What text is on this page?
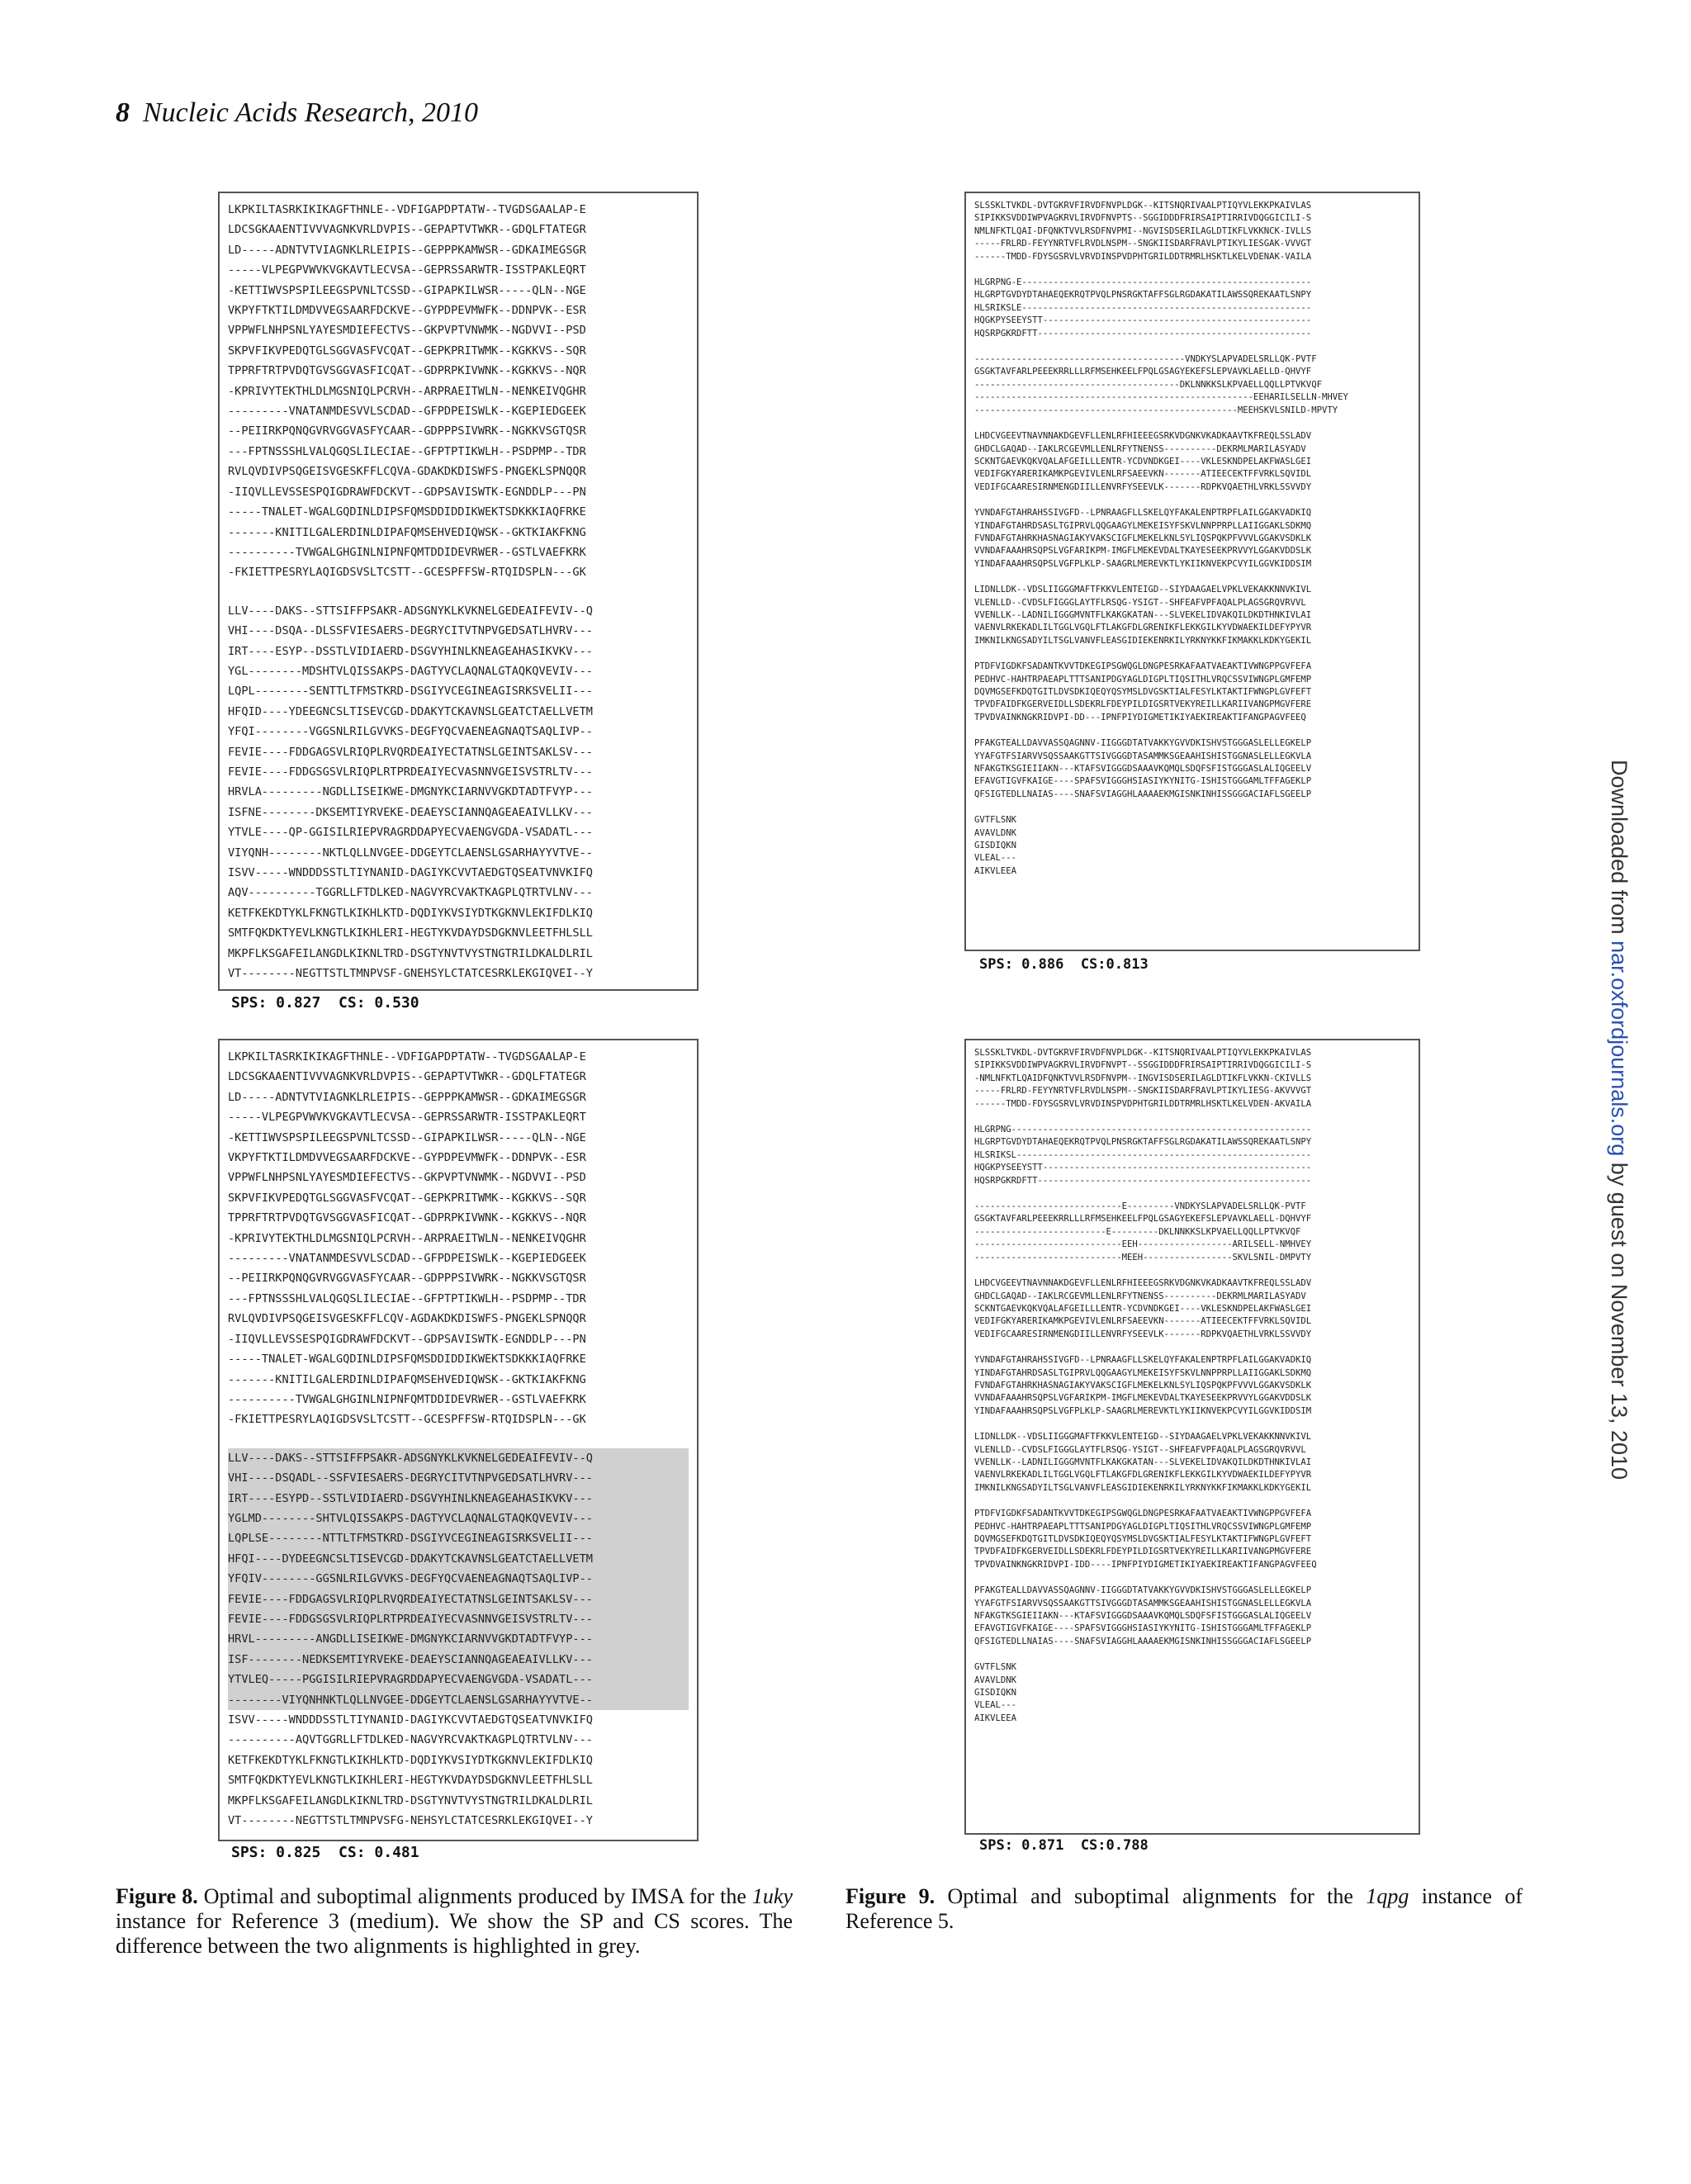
8 Nucleic Acids Research, 2010
LKPKILTASRKIKIKAGFTHNLE--VDFIGAPDPTATW--TVGDSGAALAP-E
LDCSGKAAENTIVVVAGNKVRLDVPIS--GEPAPTVTWKR--GDQLFTATEGR
LD-----ADNTVTVIAGNKLRLEIPIS--GEPPPKAMWSR--GDKAIMEGSGR
-----VLPEGPVWVKVGKAVTLECVSA--GEPRSSARWTR-ISSTPAKLEQRT
-KETTIWVSPSPILEEGSPVNLTCSSD--GIPAPKILWSR-----QLN--NGE
VKPYFTKTILDMDVVEGSAARFDCKVE--GYPDPEVMWFK--DDNPVK--ESR
VPPWFLNHPSNLYAYESMDIEFECTVS--GKPVPTVNWMK--NGDVVI--PSD
SKPVFIKVPEDQTGLSGGVASFVCQAT--GEPKPRITWMK--KGKKVS--SQR
TPPRFTRTPVDQTGVSGGVASFICQAT--GDPRPKIVWNK--KGKKVS--NQR
-KPRIVYTEKTHLDLMGSNIQLPCRVH--ARPRAEITWLN--NENKEIVQGHR
---------VNATANMDESVVLSCDAD--GFPDPEISWLK--KGEPIEDGEEK
--PEIIRKPQNQGVRVGGVASFYCAAR--GDPPPSIVWRK--NGKKVSGTQSR
---FPTNSSSHLVALQGQSLILECIAE--GFPTPTIKWLH--PSDPMP--TDR
RVLQVDIVPSQGEISVGESKFFLCQVA-GDAKDKDISWFS-PNGEKLSPNQQR
-IIQVLLEVSSESPQIGDRAWFDCKVT--GDPSAVISWTK-EGNDDLP---PN
-----TNALET-WGALGQDINLDIPSFQMSDDIDDIKWEKTSDKKKIAQFRKE
-------KNITILGALERDINLDIPAFQMSEHVEDIQWSK--GKTKIAKFKNG
----------TVWGALGHGINLNIPNFQMTDDIDEVRWER--GSTLVAEFKRK
-FKIETTPESRYLAQIGDSVSLTCSTT--GCESPFFSW-RTQIDSPLN---GK
LLV----DAKS--STTSIFFPSAKR-ADSGNYKLKVKNELGEDEAIFEVIV--Q
VHI----DSQA--DLSSFVIESAERS-DEGRYCITVTNPVGEDSATLHVRV---
IRT----ESYP--DSSTLVIDIAERD-DSGVYHINLKNEAGEAHASIKVKV---
YGL--------MDSHTVLQISSAKPS-DAGTYVCLAQNALGTAQKQVEVIV---
LQPL--------SENTTLTFMSTKRD-DSGIYVCEGINEAGISRKSVELII---
HFQID----YDEEGNCSLTISEVCGD-DDAKYTCKAVNSLGEATCTAELLVETM
YFQI--------VGGSNLRILGVVKS-DEGFYQCVAENEAGNAQTSAQLIVP--
FEVIE----FDDGAGSVLRIQPLRVQRDEAIYECTATNSLGEINTSAKLSV---
FEVIE----FDDGSGSVLRIQPLRTPRDEAIYECVASNNVGEISVSTRLTV---
HRVLA---------NGDLLISEIKWE-DMGNYKCIARNVVGKDTADTFVYP---
ISFNE--------DKSEMTIYRVEKE-DEAEYSCIANNQAGEAEAIVLLKV---
YTVLE----QP-GGISILRIEPVRAGRDDAPYECVAENGVGDA-VSADATL---
VIYQNH--------NKTLQLLNVGEE-DDGEYTCLAENSLGSARHAYYVTVE--
ISVV-----WNDDDSSTLTIYNANID-DAGIYKCVVTAEDGTQSEATVNVKIFQ
AQV----------TGGRLLFTDLKED-NAGVYRCVAKTKAGPLQTRTVLNV---
KETFKEKDTYKLFKNGTLKIKHLKTD-DQDIYKVSIYDTKGKNVLEKIFDLKIQ
SMTFQKDKTYEVLKNGTLKIKHLERI-HEGTYKVDAYDSDGKNVLEETFHLSLL
MKPFLKSGAFEILANGDLKIKNLTRD-DSGTYNVTVYSTNGTRILDKALDLRIL
VT--------NEGTTSTLTMNPVSF-GNEHSYLCTATCESRKLEKGIQVEI--Y
SPS: 0.827  CS: 0.530
LKPKILTASRKIKIKAGFTHNLE--VDFIGAPDPTATW--TVGDSGAALAP-E
LDCSGKAAENTIVVVAGNKVRLDVPIS--GEPAPTVTWKR--GDQLFTATEGR
LD-----ADNTVTVIAGNKLRLEIPIS--GEPPPKAMWSR--GDKAIMEGSGR
-----VLPEGPVWVKVGKAVTLECVSA--GEPRSSARWTR-ISSTPAKLEQRT
-KETTIWVSPSPILEEGSPVNLTCSSD--GIPAPKILWSR-----QLN--NGE
VKPYFTKTILDMDVVEGSAARFDCKVE--GYPDPEVMWFK--DDNPVK--ESR
VPPWFLNHPSNLYAYESMDIEFECTVS--GKPVPTVNWMK--NGDVVI--PSD
SKPVFIKVPEDQTGLSGGVASFVCQAT--GEPKPRITWMK--KGKKVS--SQR
TPPRFTRTPVDQTGVSGGVASFICQAT--GDPRPKIVWNK--KGKKVS--NQR
-KPRIVYTEKTHLDLMGSNIQLPCRVH--ARPRAEITWLN--NENKEIVQGHR
---------VNATANMDESVVLSCDAD--GFPDPEISWLK--KGEPIEDGEEK
--PEIIRKPQNQGVRVGGVASFYCAAR--GDPPPSIVWRK--NGKKVSGTQSR
---FPTNSSSHLVALQGQSLILECIAE--GFPTPTIKWLH--PSDPMP--TDR
RVLQVDIVPSQGEISVGESKFFLCQV-AGDAKDKDISWFS-PNGEKLSPNQQR
-IIQVLLEVSSESPQIGDRAWFDCKVT--GDPSAVISWTK-EGNDDLP---PN
-----TNALET-WGALGQDINLDIPSFQMSDDIDDIKWEKTSDKKKIAQFRKE
-------KNITILGALERDINLDIPAFQMSEHVEDIQWSK--GKTKIAKFKNG
----------TVWGALGHGINLNIPNFQMTDDIDEVRWER--GSTLVAEFKRK
-FKIETTPESRYLAQIGDSVSLTCSTT--GCESPFFSW-RTQIDSPLN---GK
LLV----DAKS--STTSIFFPSAKR-ADSGNYKLKVKNELGEDEAIFEVIV--Q
VHI----DSQADL--SSFVIESAERS-DEGRYCITVTNPVGEDSATLHVRV---
IRT----ESYPD--SSTLVIDIAERD-DSGVYHINLKNEAGEAHASIKVKV---
YGLMD--------SHTVLQISSAKPS-DAGTYVCLAQNALGTAQKQVEVIV---
LQPLSE--------NTTLTFMSTKRD-DSGIYVCEGINEAGISRKSVELII---
HFQI----DYDEEGNCSLTISEVCGD-DDAKYTCKAVNSLGEATCTAELLVETM
YFQIV--------GGSNLRILGVVKS-DEGFYQCVAENEAGNAQTSAQLIVP--
FEVIE----FDDGAGSVLRIQPLRVQRDEAIYECTATNSLGEINTSAKLSV---
FEVIE----FDDGSGSVLRIQPLRTPRDEAIYECVASNNVGEISVSTRLTV---
HRVL---------ANGDLLISEIKWE-DMGNYKCIARNVVGKDTADTFVYP---
ISF--------NEDKSEMTIYRVEKE-DEAEYSCIANNQAGEAEAIVLLKV---
YTVLEQ-----PGGISILRIEPVRAGRDDAPYECVAENGVGDA-VSADATL---
--------VIYQNHNKTLQLLNVGEE-DDGEYTCLAENSLGSARHAYYVTVE--
ISVV-----WNDDDSSTLTIYNANID-DAGIYKCVVTAEDGTQSEATVNVKIFQ
----------AQVTGGRLLFTDLKED-NAGVYRCVAKTKAGPLQTRTVLNV---
KETFKEKDTYKLFKNGTLKIKHLKTD-DQDIYKVSIYDTKGKNVLEKIFDLKIQ
SMTFQKDKTYEVLKNGTLKIKHLERI-HEGTYKVDAYDSDGKNVLEETFHLSLL
MKPFLKSGAFEILANGDLKIKNLTRD-DSGTYNVTVYSTNGTRILDKALDLRIL
VT--------NEGTTSTLTMNPVSFG-NEHSYLCTATCESRKLEKGIQVEI--Y
SPS: 0.825  CS: 0.481
SLSSKLTVKDL-DVTGKRVFIRVDFNVPLDGK--KITSNQRIVAALPTIQYVLEKKPKAIVLAS
SIPIKKSVDDIWPVAGKRVLIRVDFNVPTS--SGGIDDDFRIRSAIPTIRRIVDQGGICILI-S
NMLNFKTLQAI-DFQNKTVVLRSDFNVPMI--NGVISDSERILAGLDTIKFLVKKNCK-IVLLS
-----FRLRD-FEYYNRTVFLRVDLNSPM--SNGKIISDARFRAVLPTIKYLIESGAK-VVVGT
------TMDD-FDYSGSRVLVRVDINSPVDPHTGRILDDTRMRLHSKTLKELVDENAK-VAILA
HLGRPNG-E-------------------------------------------------------
HLGRPTGVDYDTAHAEQEKRQTPVQLPNSRGKTAFFSGLRGDAKATILAWSSQREKAATLSNPY
HLSRIKSLE-------------------------------------------------------
HQGKPYSEEYSTT---------------------------------------------------
HQSRPGKRDFTT----------------------------------------------------
----------------------------------------VNDKYSLAPVADELSRLLQK-PVTF
GSGKTAVFARLPEEEKRRLLLRFMSEHKEELFPQLGSAGYEKEFSLEPVAVKLAELLD-QHVYF
---------------------------------------DKLNNKKSLKPVAELLQQLLPTVKVQF
-----------------------------------------------------EEHARILSELLN-MHVEY
--------------------------------------------------MEEHSKVLSNILD-MPVTY
LHDCVGEEVTNAVNNAKDGEVFLLENLRFHIEEEGSRKVDGNKVKADKAAVTKFREQLSSLADV
GHDCLGAQAD--IAKLRCGEVMLLENLRFYTNENSS----------DEKRMLMARILASYADV
SCKNTGAEVKQKVQALAFGEILLLENTR-YCDVNDKGEI----VKLESKNDPELAKFWASLGEI
VEDIFGKYARERIKAMKPGEVIVLENLRFSAEEVKN-------ATIEECEKTFFVRKLSQVIDL
VEDIFGCAARESIRNMENGDIILLENVRFYSEEVLK-------RDPKVQAETHLVRKLSSVVDY
YVNDAFGTAHRAHSSIVGFD--LPNRAAGFLLSKELQYFAKALENPTRPFLAILGGAKVADKIQ
YINDAFGTAHRDSASLTGIPRVLQQGAAGYLMEKEISYFSKVLNNPPRPLLAIIGGAKLSDKMQ
FVNDAFGTAHRKHASNAGIAKYVAKSCIGFLMEKELKNLSYLIQSPQKPFVVVLGGAKVSDKLK
VVNDAFAAAHRSQPSLVGFARIKPM-IMGFLMEKEVDALTKAYESEEKPRVVYLGGAKVDDSLK
YINDAFAAAHRSQPSLVGFPLKLP-SAAGRLMEREVKTLYKIIKNVEKPCVYILGGVKIDDSIM
LIDNLLDK--VDSLIIGGGMAFTFKKVLENTEIGD--SIYDAAGAELVPKLVEKAKKNNVKIVL
VLENLLD--CVDSLFIGGGLAYTFLRSQG-YSIGT--SHFEAFVPFAQALPLAGSGRQVRVVL
VVENLLK--LADNILIGGGMVNTFLKAKGKATAN---SLVEKELIDVAKQILDKDTHNKIVLAI
VAENVLRKEKADLILTGGLVGQLFTLAKGFDLGRENIKFLEKKGILKYVDWAEKILDEFYPYVR
IMKNILKNGSADYILTSGLVANVFLEASGIDIEKENRKILYRKNYKKFIKMAKKLKDKYGEKIL
PTDFVIGDKFSADANTKVVTDKEGIPSGWQGLDNGPESRKAFAATVAEAKTIVWNGPPGVFEFA
PEDHVC-HAHTRPAEAPLTTTSANIPDGYAGLDIGPLTIQSITHLVRQCSSVIWNGPLGMFEMP
DQVMGSEFKDQTGITLDVSDKIQEQYQSYMSLDVGSKTIALFESYLKTAKTIFWNGPLGVFEFT
TPVDFAIDFKGERVEIDLLSDEKRLFDEYPILDIGSRTVEKYREILLKARIIVANGPMGVFERE
TPVDVAINKNGKRIDVPI-DD---IPNFPIYDIGMETIKIYAEKIREAKTIFANGPAGVFEEQ
PFAKGTEALLDAVVASSQAGNNV-IIGGGDTATVAKKYGVVDKISHVSTGGGASLELLEGKELP
YYAFGTFSIARVVSQSSAAKGTTSIVGGGDTASAMMKSGEAAHISHISTGGNASLELLEGKVLA
NFAKGTKSGIEIIAKN---KTAFSVIGGGDSAAAVKQMQLSDQFSFISTGGGASLALIQGEELV
EFAVGTIGVFKAIGE----SPAFSVIGGGHSIASIYKYNITG-ISHISTGGGAMLTFFAGEKLP
QFSIGTEDLLNAIAS----SNAFSVIAGGHLAAAAEKMGISNKINHISSGGGACIAFLSGEELP
GVTFLSNK
AVAVLDNK
GISDIQKN
VLEAL---
AIKVLEEA
SPS: 0.886  CS:0.813
SLSSKLTVKDL-DVTGKRVFIRVDFNVPLDGK--KITSNQRIVAALPTIQYVLEKKPKAIVLAS
SIPIKKSVDDIWPVAGKRVLIRVDFNVPT--SSGGIDDDFRIRSAIPTIRRIVDQGGICILI-S
-NMLNFKTLQAIDFQNKTVVLRSDFNVPM--INGVISDSERILAGLDTIKFLVKKN-CKIVLLS
-----FRLRD-FEYYNRTVFLRVDLNSPM--SNGKIISDARFRAVLPTIKYLIESG-AKVVVGT
------TMDD-FDYSGSRVLVRVDINSPVDPHTGRILDDTRMRLHSKTLKELVDEN-AKVAILA
HLGRPNG---------------------------------------------------------
HLGRPTGVDYDTAHAEQEKRQTPVQLPNSRGKTAFFSGLRGDAKATILAWSSQREKAATLSNPY
HLSRIKSL--------------------------------------------------------
HQGKPYSEEYSTT---------------------------------------------------
HQSRPGKRDFTT----------------------------------------------------
----------------------------E---------VNDKYSLAPVADELSRLLQK-PVTF
GSGKTAVFARLPEEEKRRLLLRFMSEHKEELFPQLGSAGYEKEFSLEPVAVKLAELL-DQHVYF
-------------------------E---------DKLNNKKSLKPVAELLQQLLPTVKVQF
----------------------------EEH------------------ARILSELL-NMHVEY
----------------------------MEEH-----------------SKVLSNIL-DMPVTY
LHDCVGEEVTNAVNNAKDGEVFLLENLRFHIEEEGSRKVDGNKVKADKAAVTKFREQLSSLADV
GHDCLGAQAD--IAKLRCGEVMLLENLRFYTNENSS----------DEKRMLMARILASYADV
SCKNTGAEVKQKVQALAFGEILLLENTR-YCDVNDKGEI----VKLESKNDPELAKFWASLGEI
VEDIFGKYARERIKAMKPGEVIVLENLRFSAEEVKN-------ATIEECEKTFFVRKLSQVIDL
VEDIFGCAARESIRNMENGDIILLENVRFYSEEVLK-------RDPKVQAETHLVRKLSSVVDY
YVNDAFGTAHRAHSSIVGFD--LPNRAAGFLLSKELQYFAKALENPTRPFLAILGGAKVADKIQ
YINDAFGTAHRDSASLTGIPRVLQQGAAGYLMEKEISYFSKVLNNPPRPLLAIIGGAKLSDKMQ
FVNDAFGTAHRKHASNAGIAKYVAKSCIGFLMEKELKNLSYLIQSPQKPFVVVLGGAKVSDKLK
VVNDAFAAAHRSQPSLVGFARIKPM-IMGFLMEKEVDALTKAYESEEKPRVVYLGGAKVDDSLK
YINDAFAAAHRSQPSLVGFPLKLP-SAAGRLMEREVKTLYKIIKNVEKPCVYILGGVKIDDSIM
LIDNLLDK--VDSLIIGGGMAFTFKKVLENTEIGD--SIYDAAGAELVPKLVEKAKKNNVKIVL
VLENLLD--CVDSLFIGGGLAYTFLRSQG-YSIGT--SHFEAFVPFAQALPLAGSGRQVRVVL
VVENLLK--LADNILIGGGMVNTFLKAKGKATAN---SLVEKELIDVAKQILDKDTHNKIVLAI
VAENVLRKEKADLILTGGLVGQLFTLAKGFDLGRENIKFLEKKGILKYVDWAEKILDEFYPYVR
IMKNILKNGSADYILTSGLVANVFLEASGIDIEKENRKILYRKNYKKFIKMAKKLKDKYGEKIL
PTDFVIGDKFSADANTKVVTDKEGIPSGWQGLDNGPESRKAFAATVAEAKTIVWNGPPGVFEFA
PEDHVC-HAHTRPAEAPLTTTSANIPDGYAGLDIGPLTIQSITHLVRQCSSVIWNGPLGMFEMP
DQVMGSEFKDQTGITLDVSDKIQEQYQSYMSLDVGSKTIALFESYLKTAKTIFWNGPLGVFEFT
TPVDFAIDFKGERVEIDLLSDEKRLFDEYPILDIGSRTVEKYREILLKARIIVANGPMGVFERE
TPVDVAINKNGKRIDVPI-IDD----IPNFPIYDIGMETIKIYAEKIREAKTIFANGPAGVFEEQ
PFAKGTEALLDAVVASSQAGNNV-IIGGGDTATVAKKYGVVDKISHVSTGGGASLELLEGKELP
YYAFGTFSIARVVSQSSAAKGTTSIVGGGDTASAMMKSGEAAHISHISTGGNASLELLEGKVLA
NFAKGTKSGIEIIAKN---KTAFSVIGGGDSAAAVKQMQLSDQFSFISTGGGASLALIQGEELV
EFAVGTIGVFKAIGE----SPAFSVIGGGHSIASIYKYNITG-ISHISTGGGAMLTFFAGEKLP
QFSIGTEDLLNAIAS----SNAFSVIAGGHLAAAAEKMGISNKINHISSGGGACIAFLSGEELP
GVTFLSNK
AVAVLDNK
GISDIQKN
VLEAL---
AIKVLEEA
SPS: 0.871  CS:0.788
Figure 8. Optimal and suboptimal alignments produced by IMSA for the 1uky instance for Reference 3 (medium). We show the SP and CS scores. The difference between the two alignments is highlighted in grey.
Figure 9. Optimal and suboptimal alignments for the 1qpg instance of Reference 5.
Downloaded from nar.oxfordjournals.org by guest on November 13, 2010
